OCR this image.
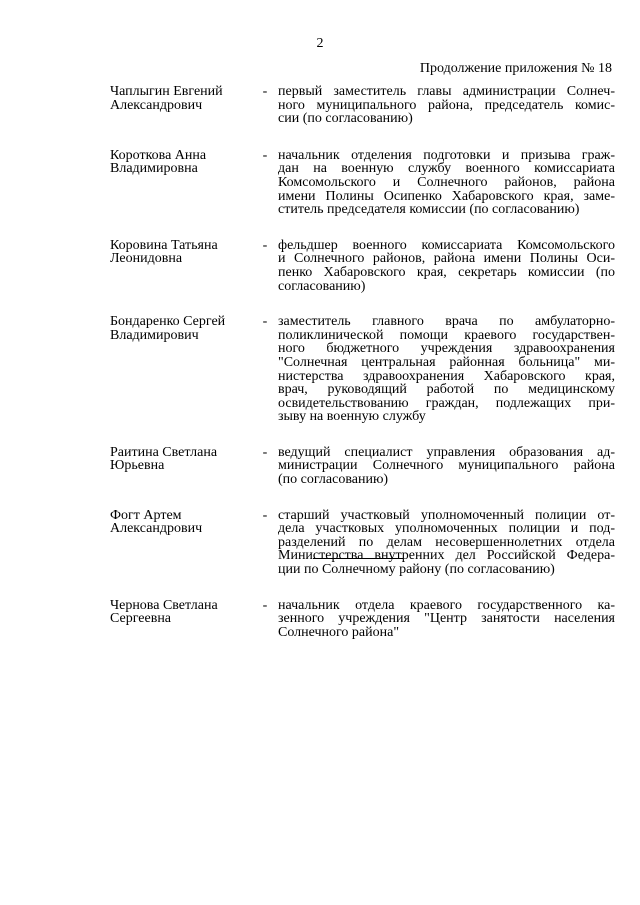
2
Продолжение приложения № 18
Чаплыгин Евгений
Александрович
- первый заместитель главы администрации Солнеч-
ного муниципального района, председатель комис-
сии (по согласованию)
Короткова Анна
Владимировна
- начальник отделения подготовки и призыва граж-
дан на военную службу военного комиссариата
Комсомольского и Солнечного районов, района
имени Полины Осипенко Хабаровского края, заме-
ститель председателя комиссии (по согласованию)
Коровина Татьяна
Леонидовна
- фельдшер военного комиссариата Комсомольского
и Солнечного районов, района имени Полины Оси-
пенко Хабаровского края, секретарь комиссии (по
согласованию)
Бондаренко Сергей
Владимирович
- заместитель главного врача по амбулаторно-
поликлинической помощи краевого государствен-
ного бюджетного учреждения здравоохранения
"Солнечная центральная районная больница" ми-
нистерства здравоохранения Хабаровского края,
врач, руководящий работой по медицинскому
освидетельствованию граждан, подлежащих при-
зыву на военную службу
Раитина Светлана
Юрьевна
- ведущий специалист управления образования ад-
министрации Солнечного муниципального района
(по согласованию)
Фогт Артем
Александрович
- старший участковый уполномоченный полиции от-
дела участковых уполномоченных полиции и под-
разделений по делам несовершеннолетних отдела
Министерства внутренних дел Российской Федера-
ции по Солнечному району (по согласованию)
Чернова Светлана
Сергеевна
- начальник отдела краевого государственного ка-
зенного учреждения "Центр занятости населения
Солнечного района"
